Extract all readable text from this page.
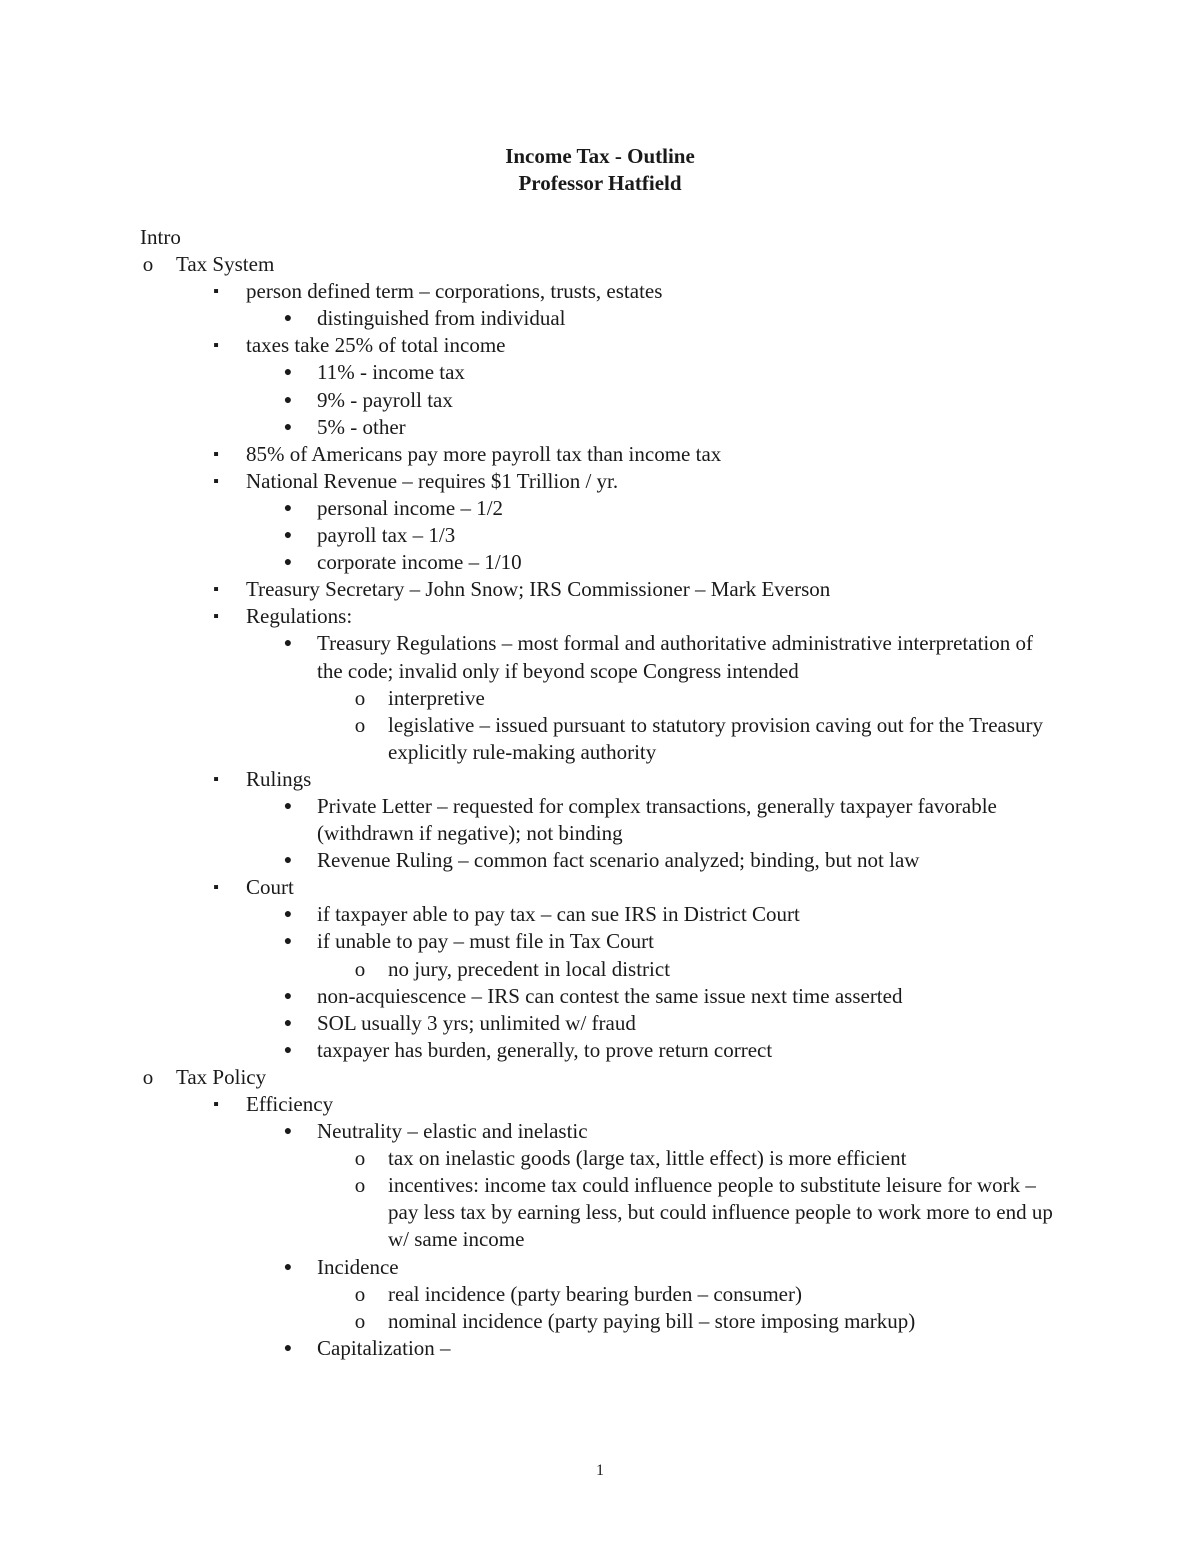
Income Tax - Outline
Professor Hatfield
Intro
o Tax System
▪ person defined term – corporations, trusts, estates
● distinguished from individual
▪ taxes take 25% of total income
● 11% - income tax
● 9% - payroll tax
● 5% - other
▪ 85% of Americans pay more payroll tax than income tax
▪ National Revenue – requires $1 Trillion / yr.
● personal income – 1/2
● payroll tax – 1/3
● corporate income – 1/10
▪ Treasury Secretary – John Snow; IRS Commissioner – Mark Everson
▪ Regulations:
● Treasury Regulations – most formal and authoritative administrative interpretation of the code; invalid only if beyond scope Congress intended
o interpretive
o legislative – issued pursuant to statutory provision caving out for the Treasury explicitly rule-making authority
▪ Rulings
● Private Letter – requested for complex transactions, generally taxpayer favorable (withdrawn if negative); not binding
● Revenue Ruling – common fact scenario analyzed; binding, but not law
▪ Court
● if taxpayer able to pay tax – can sue IRS in District Court
● if unable to pay – must file in Tax Court
o no jury, precedent in local district
● non-acquiescence – IRS can contest the same issue next time asserted
● SOL usually 3 yrs; unlimited w/ fraud
● taxpayer has burden, generally, to prove return correct
o Tax Policy
▪ Efficiency
● Neutrality – elastic and inelastic
o tax on inelastic goods (large tax, little effect) is more efficient
o incentives: income tax could influence people to substitute leisure for work – pay less tax by earning less, but could influence people to work more to end up w/ same income
● Incidence
o real incidence (party bearing burden – consumer)
o nominal incidence (party paying bill – store imposing markup)
● Capitalization –
1
